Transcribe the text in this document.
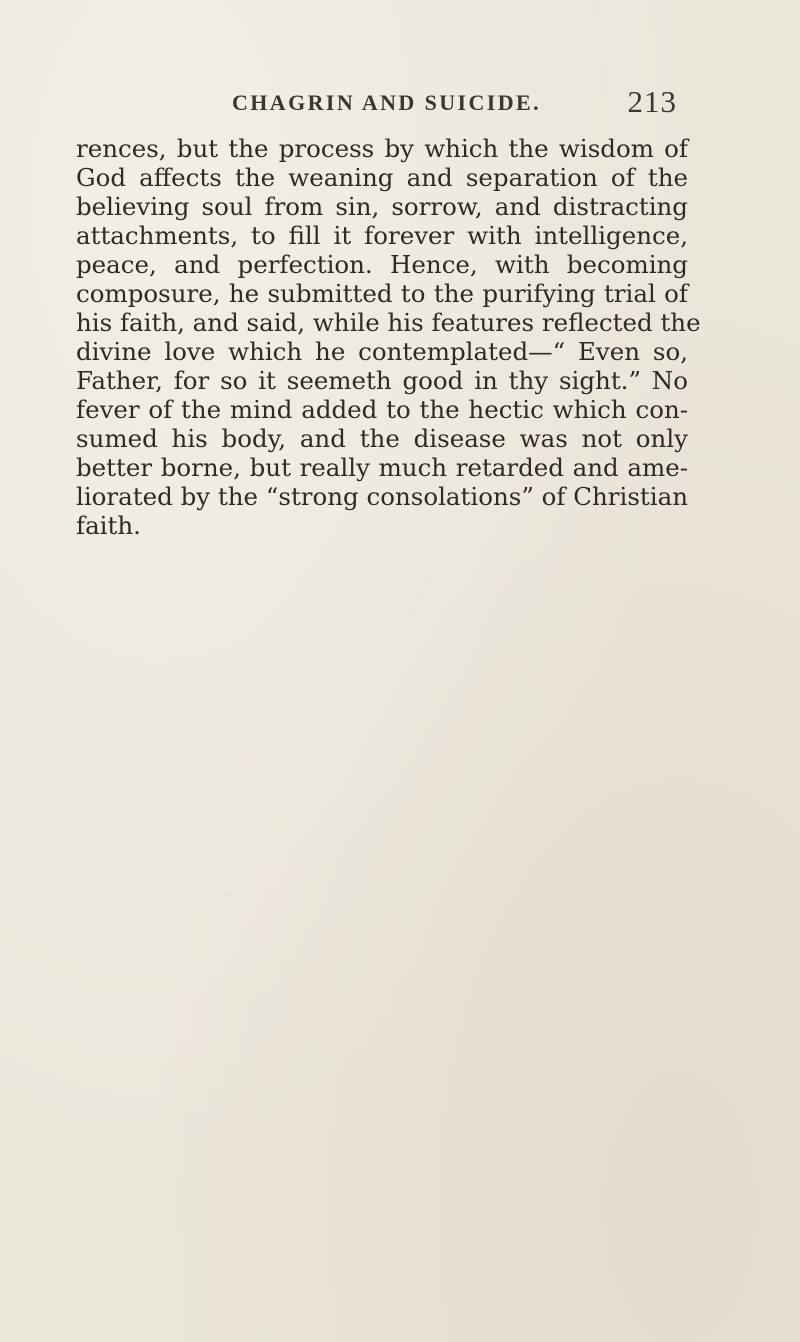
CHAGRIN AND SUICIDE.	213
rences, but the process by which the wisdom of
God affects the weaning and separation of the
believing soul from sin, sorrow, and distracting
attachments, to fill it forever with intelligence,
peace, and perfection. Hence, with becoming
composure, he submitted to the purifying trial of
his faith, and said, while his features reflected the
divine love which he contemplated—“ Even so,
Father, for so it seemeth good in thy sight.” No
fever of the mind added to the hectic which con-
sumed his body, and the disease was not only
better borne, but really much retarded and ame-
liorated by the “strong consolations” of Christian
faith.
